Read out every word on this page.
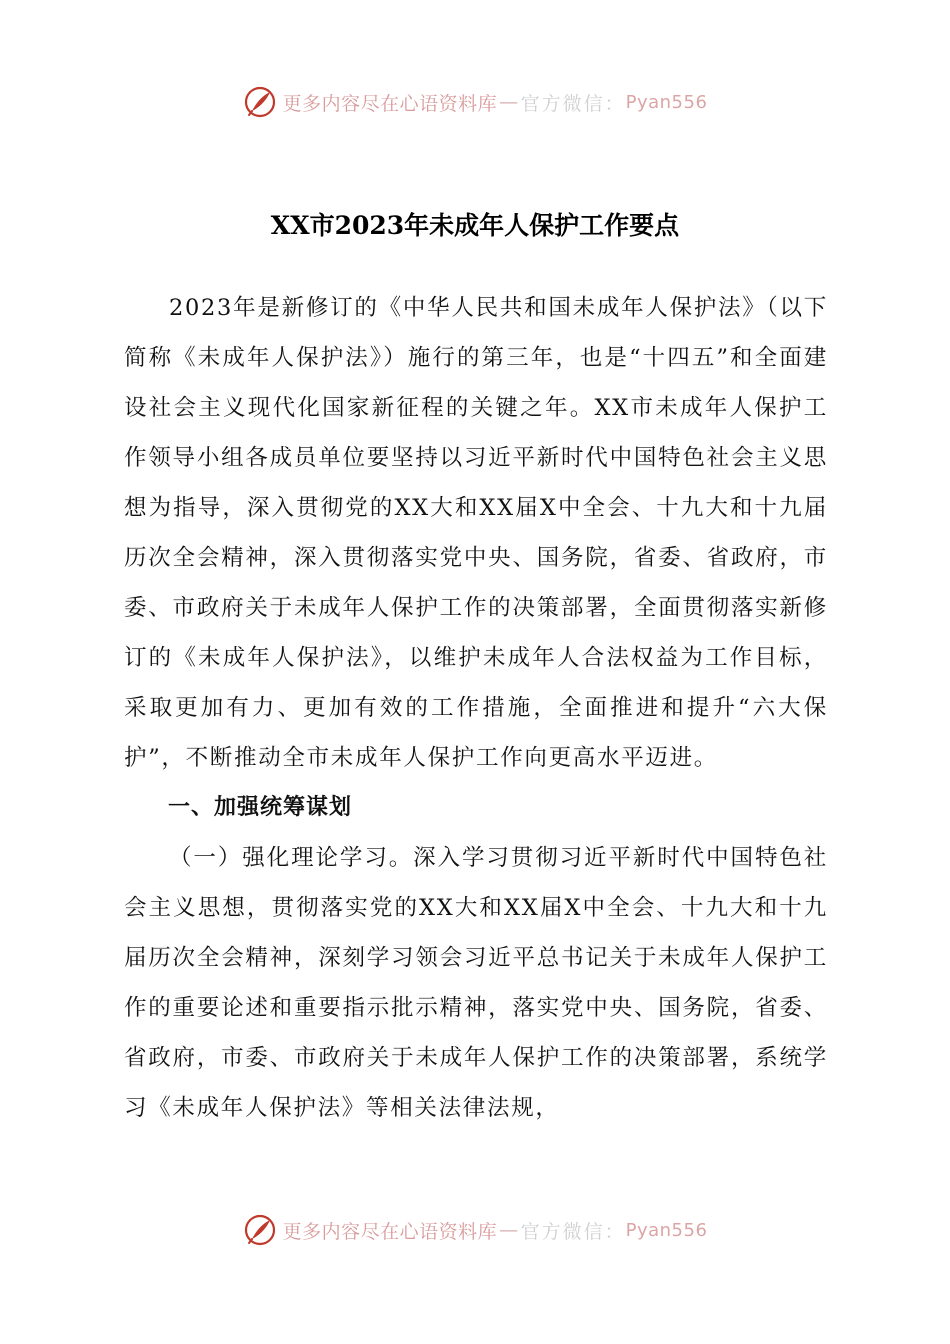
更多内容尽在心语资料库 — 官方微信： Pyan556
XX市2023年未成年人保护工作要点

2023年是新修订的《中华人民共和国未成年人保护法》（以下简称《未成年人保护法》）施行的第三年，也是“十四五”和全面建设社会主义现代化国家新征程的关键之年。XX市未成年人保护工作领导小组各成员单位要坚持以习近平新时代中国特色社会主义思想为指导，深入贯彻党的XX大和XX届X中全会、十九大和十九届历次全会精神，深入贯彻落实党中央、国务院，省委、省政府，市委、市政府关于未成年人保护工作的决策部署，全面贯彻落实新修订的《未成年人保护法》，以维护未成年人合法权益为工作目标，采取更加有力、更加有效的工作措施，全面推进和提升“六大保护”，不断推动全市未成年人保护工作向更高水平迈进。

一、加强统筹谋划

（一）强化理论学习。深入学习贯彻习近平新时代中国特色社会主义思想，贯彻落实党的XX大和XX届X中全会、十九大和十九届历次全会精神，深刻学习领会习近平总书记关于未成年人保护工作的重要论述和重要指示批示精神，落实党中央、国务院，省委、省政府，市委、市政府关于未成年人保护工作的决策部署，系统学习《未成年人保护法》等相关法律法规，

更多内容尽在心语资料库 — 官方微信： Pyan556
